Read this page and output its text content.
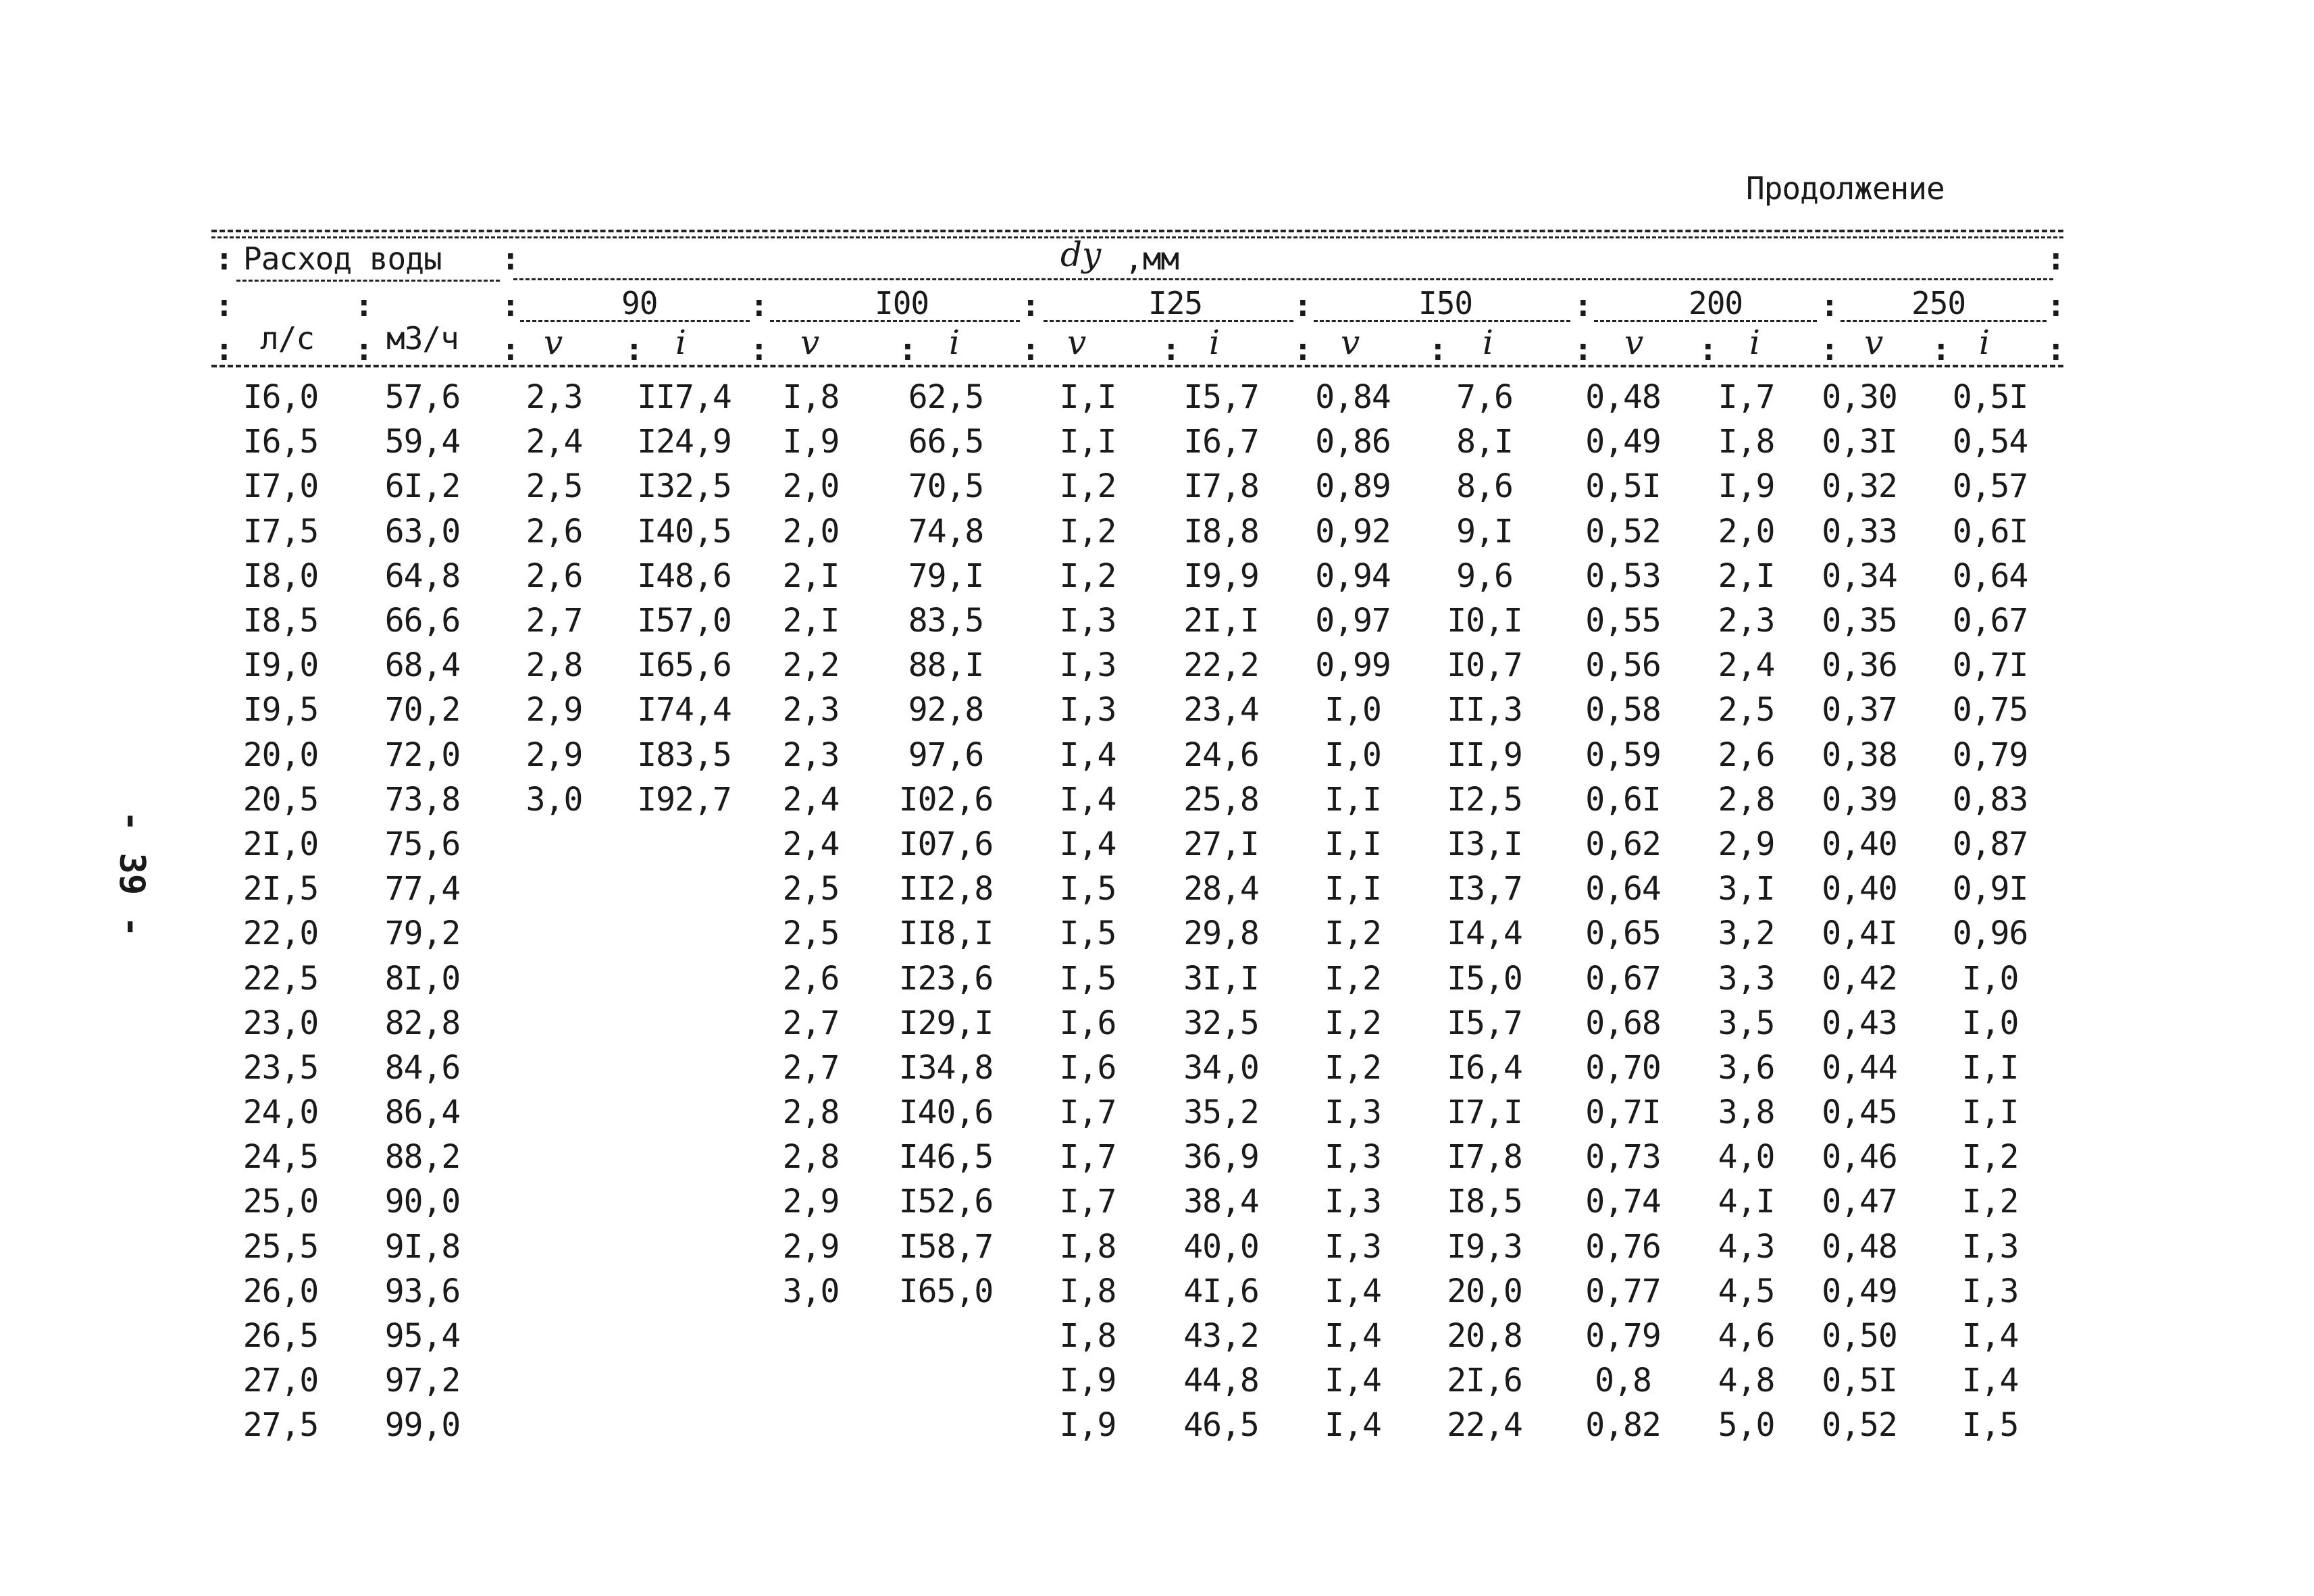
Продолжение
- 39 -
: Расход воды :	dy ,мм	:
:	:	:	90	:	I00	:	I25	:	I50	:	200 : 250	:
: л/с : м3/ч : v : i : v	: i : v : i : v : i	: v : i : v : i :
I6,0	57,6	2,3	II7,4	I,8	62,5	I,I	I5,7	0,84	7,6	0,48	I,7	0,30	0,5I
I6,5	59,4	2,4	I24,9	I,9	66,5	I,I	I6,7	0,86	8,I	0,49	I,8	0,3I	0,54
I7,0	6I,2	2,5	I32,5	2,0	70,5	I,2	I7,8	0,89	8,6	0,5I	I,9	0,32	0,57
I7,5	63,0	2,6	I40,5	2,0	74,8	I,2	I8,8	0,92	9,I	0,52	2,0	0,33	0,6I
I8,0	64,8	2,6	I48,6	2,I	79,I	I,2	I9,9	0,94	9,6	0,53	2,I	0,34	0,64
I8,5	66,6	2,7	I57,0	2,I	83,5	I,3	2I,I	0,97	I0,I	0,55	2,3	0,35	0,67
I9,0	68,4	2,8	I65,6	2,2	88,I	I,3	22,2	0,99	I0,7	0,56	2,4	0,36	0,7I
I9,5	70,2	2,9	I74,4	2,3	92,8	I,3	23,4	I,0	II,3	0,58	2,5	0,37	0,75
20,0	72,0	2,9	I83,5	2,3	97,6	I,4	24,6	I,0	II,9	0,59	2,6	0,38	0,79
20,5	73,8	3,0	I92,7	2,4	I02,6	I,4	25,8	I,I	I2,5	0,6I	2,8	0,39	0,83
2I,0	75,6			2,4	I07,6	I,4	27,I	I,I	I3,I	0,62	2,9	0,40	0,87
2I,5	77,4			2,5	II2,8	I,5	28,4	I,I	I3,7	0,64	3,I	0,40	0,9I
22,0	79,2			2,5	II8,I	I,5	29,8	I,2	I4,4	0,65	3,2	0,4I	0,96
22,5	8I,0			2,6	I23,6	I,5	3I,I	I,2	I5,0	0,67	3,3	0,42	I,0
23,0	82,8			2,7	I29,I	I,6	32,5	I,2	I5,7	0,68	3,5	0,43	I,0
23,5	84,6			2,7	I34,8	I,6	34,0	I,2	I6,4	0,70	3,6	0,44	I,I
24,0	86,4			2,8	I40,6	I,7	35,2	I,3	I7,I	0,7I	3,8	0,45	I,I
24,5	88,2			2,8	I46,5	I,7	36,9	I,3	I7,8	0,73	4,0	0,46	I,2
25,0	90,0			2,9	I52,6	I,7	38,4	I,3	I8,5	0,74	4,I	0,47	I,2
25,5	9I,8			2,9	I58,7	I,8	40,0	I,3	I9,3	0,76	4,3	0,48	I,3
26,0	93,6			3,0	I65,0	I,8	4I,6	I,4	20,0	0,77	4,5	0,49	I,3
26,5	95,4					I,8	43,2	I,4	20,8	0,79	4,6	0,50	I,4
27,0	97,2					I,9	44,8	I,4	2I,6	0,8	4,8	0,5I	I,4
27,5	99,0					I,9	46,5	I,4	22,4	0,82	5,0	0,52	I,5
